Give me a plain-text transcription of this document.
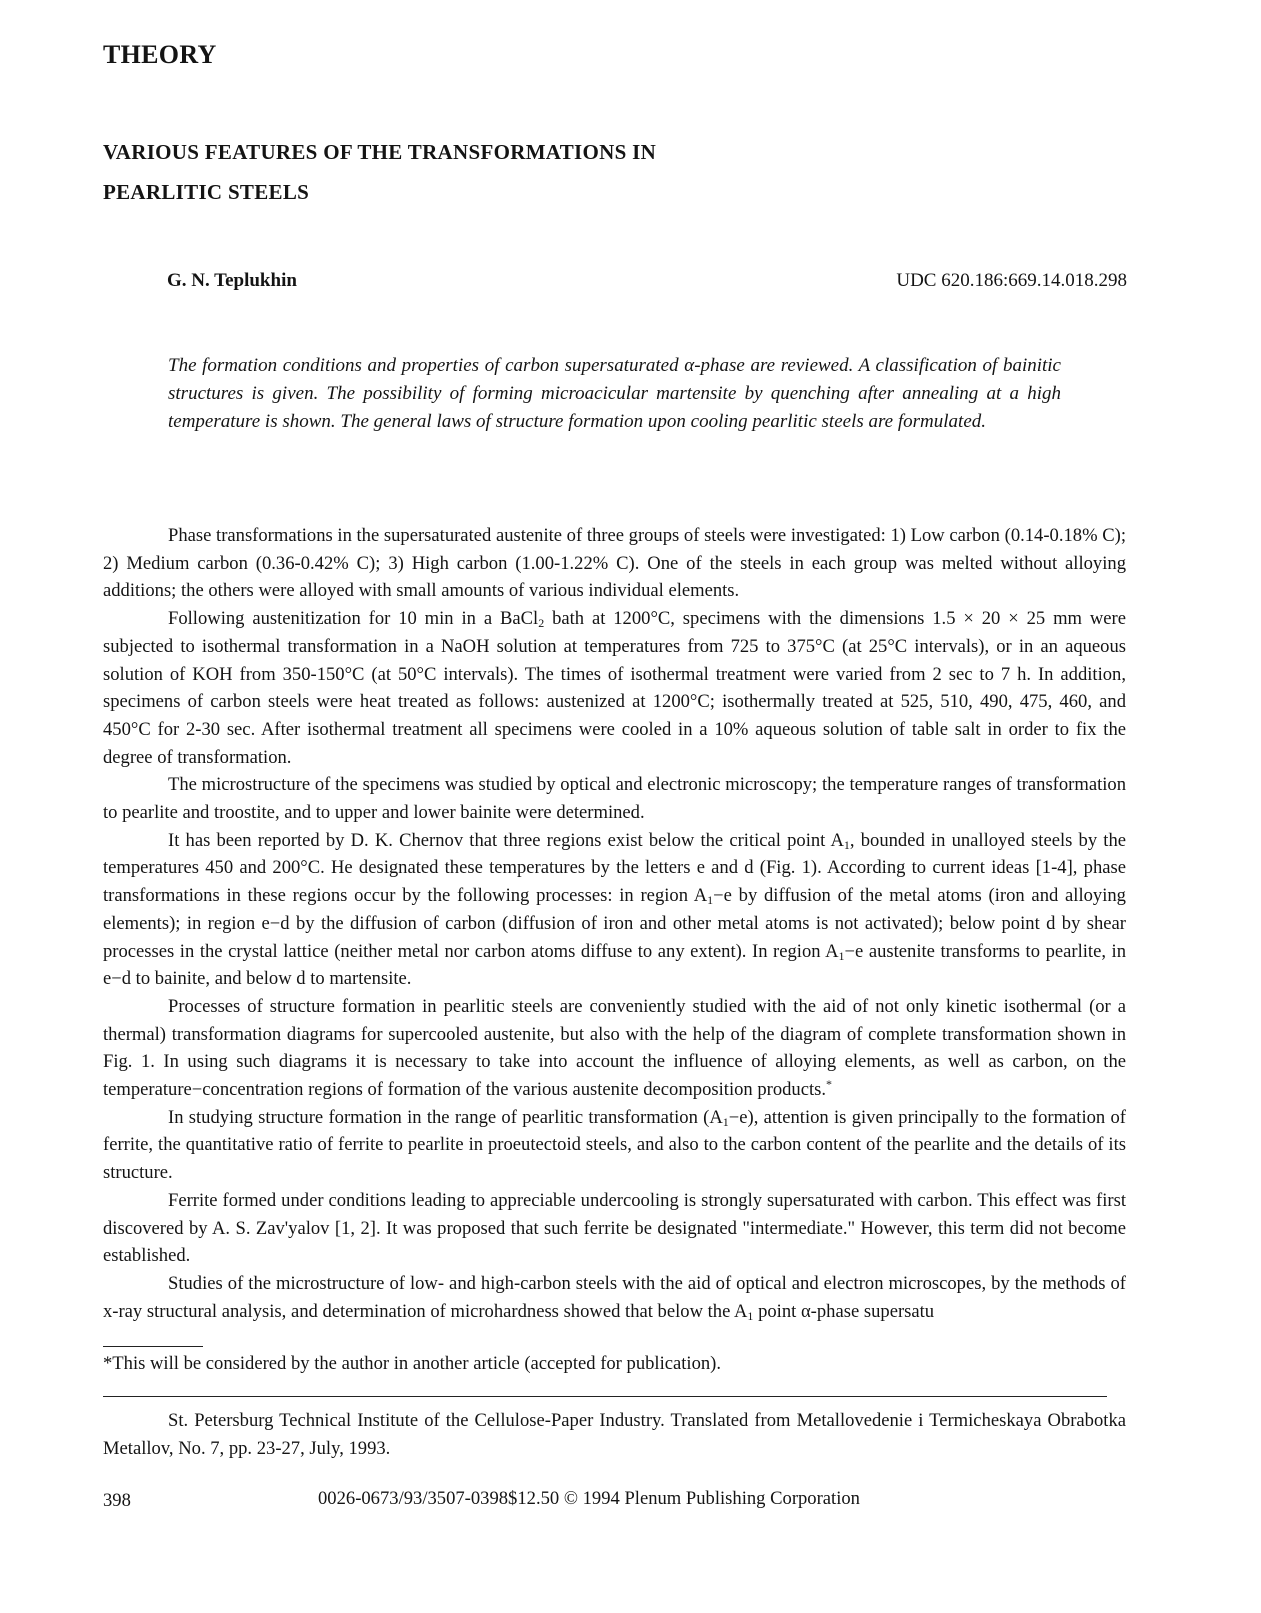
THEORY
VARIOUS FEATURES OF THE TRANSFORMATIONS IN
PEARLITIC STEELS
G. N. Teplukhin	UDC 620.186:669.14.018.298

The formation conditions and properties of carbon supersaturated α-phase are reviewed. A classification of bainitic structures is given. The possibility of forming microacicular martensite by quenching after annealing at a high temperature is shown. The general laws of structure formation upon cooling pearlitic steels are formulated.

Phase transformations in the supersaturated austenite of three groups of steels were investigated: 1) Low carbon (0.14-0.18% C); 2) Medium carbon (0.36-0.42% C); 3) High carbon (1.00-1.22% C). One of the steels in each group was melted without alloying additions; the others were alloyed with small amounts of various individual elements.

Following austenitization for 10 min in a BaCl$_2$ bath at 1200°C, specimens with the dimensions 1.5 × 20 × 25 mm were subjected to isothermal transformation in a NaOH solution at temperatures from 725 to 375°C (at 25°C intervals), or in an aqueous solution of KOH from 350-150°C (at 50°C intervals). The times of isothermal treatment were varied from 2 sec to 7 h. In addition, specimens of carbon steels were heat treated as follows: austenized at 1200°C; isothermally treated at 525, 510, 490, 475, 460, and 450°C for 2-30 sec. After isothermal treatment all specimens were cooled in a 10% aqueous solution of table salt in order to fix the degree of transformation.

The microstructure of the specimens was studied by optical and electronic microscopy; the temperature ranges of transformation to pearlite and troostite, and to upper and lower bainite were determined.

It has been reported by D. K. Chernov that three regions exist below the critical point $A_1$, bounded in unalloyed steels by the temperatures 450 and 200°C. He designated these temperatures by the letters e and d (Fig. 1). According to current ideas [1-4], phase transformations in these regions occur by the following processes: in region $A_1-e$ by diffusion of the metal atoms (iron and alloying elements); in region e−d by the diffusion of carbon (diffusion of iron and other metal atoms is not activated); below point d by shear processes in the crystal lattice (neither metal nor carbon atoms diffuse to any extent). In region $A_1-e$ austenite transforms to pearlite, in e−d to bainite, and below d to martensite.

Processes of structure formation in pearlitic steels are conveniently studied with the aid of not only kinetic isothermal (or a thermal) transformation diagrams for supercooled austenite, but also with the help of the diagram of complete transformation shown in Fig. 1. In using such diagrams it is necessary to take into account the influence of alloying elements, as well as carbon, on the temperature−concentration regions of formation of the various austenite decomposition products.*

In studying structure formation in the range of pearlitic transformation $(A_1-e)$, attention is given principally to the formation of ferrite, the quantitative ratio of ferrite to pearlite in proeutectoid steels, and also to the carbon content of the pearlite and the details of its structure.

Ferrite formed under conditions leading to appreciable undercooling is strongly supersaturated with carbon. This effect was first discovered by A. S. Zav'yalov [1, 2]. It was proposed that such ferrite be designated "intermediate." However, this term did not become established.

Studies of the microstructure of low- and high-carbon steels with the aid of optical and electron microscopes, by the methods of x-ray structural analysis, and determination of microhardness showed that below the $A_1$ point α-phase supersatu

*This will be considered by the author in another article (accepted for publication).

St. Petersburg Technical Institute of the Cellulose-Paper Industry. Translated from Metallovedenie i Termicheskaya Obrabotka Metallov, No. 7, pp. 23-27, July, 1993.

398	0026-0673/93/3507-0398$12.50 © 1994 Plenum Publishing Corporation
